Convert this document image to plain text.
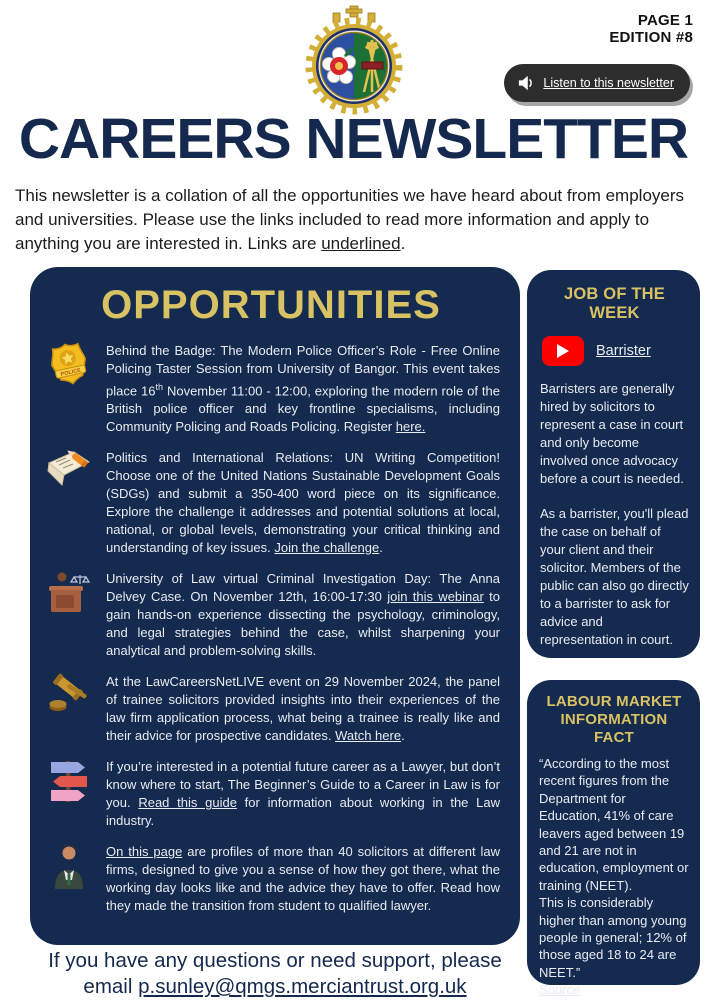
PAGE 1
EDITION #8
Listen to this newsletter
CAREERS NEWSLETTER

This newsletter is a collation of all the opportunities we have heard about from employers and universities. Please use the links included to read more information and apply to anything you are interested in. Links are underlined.

OPPORTUNITIES
POLICE

Behind the Badge: The Modern Police Officer’s Role - Free Online Policing Taster Session from University of Bangor. This event takes place 16th November 11:00 - 12:00, exploring the modern role of the British police officer and key frontline specialisms, including Community Policing and Roads Policing. Register here.

Politics and International Relations: UN Writing Competition! Choose one of the United Nations Sustainable Development Goals (SDGs) and submit a 350-400 word piece on its significance. Explore the challenge it addresses and potential solutions at local, national, or global levels, demonstrating your critical thinking and understanding of key issues. Join the challenge.

University of Law virtual Criminal Investigation Day: The Anna Delvey Case. On November 12th, 16:00-17:30 join this webinar to gain hands-on experience dissecting the psychology, criminology, and legal strategies behind the case, whilst sharpening your analytical and problem-solving skills.

At the LawCareersNetLIVE event on 29 November 2024, the panel of trainee solicitors provided insights into their experiences of the law firm application process, what being a trainee is really like and their advice for prospective candidates. Watch here.

If you’re interested in a potential future career as a Lawyer, but don’t know where to start, The Beginner’s Guide to a Career in Law is for you. Read this guide for information about working in the Law industry.

On this page are profiles of more than 40 solicitors at different law firms, designed to give you a sense of how they got there, what the working day looks like and the advice they have to offer. Read how they made the transition from student to qualified lawyer.

JOB OF THE WEEK
Barrister

Barristers are generally hired by solicitors to represent a case in court and only become involved once advocacy before a court is needed.

As a barrister, you'll plead the case on behalf of your client and their solicitor. Members of the public can also go directly to a barrister to ask for advice and representation in court.

LABOUR MARKET
INFORMATION FACT

“According to the most recent figures from the Department for Education, 41% of care leavers aged between 19 and 21 are not in education, employment or training (NEET).
This is considerably higher than among young people in general; 12% of those aged 18 to 24 are NEET.”

Source
If you have any questions or need support, please
email p.sunley@qmgs.merciantrust.org.uk
